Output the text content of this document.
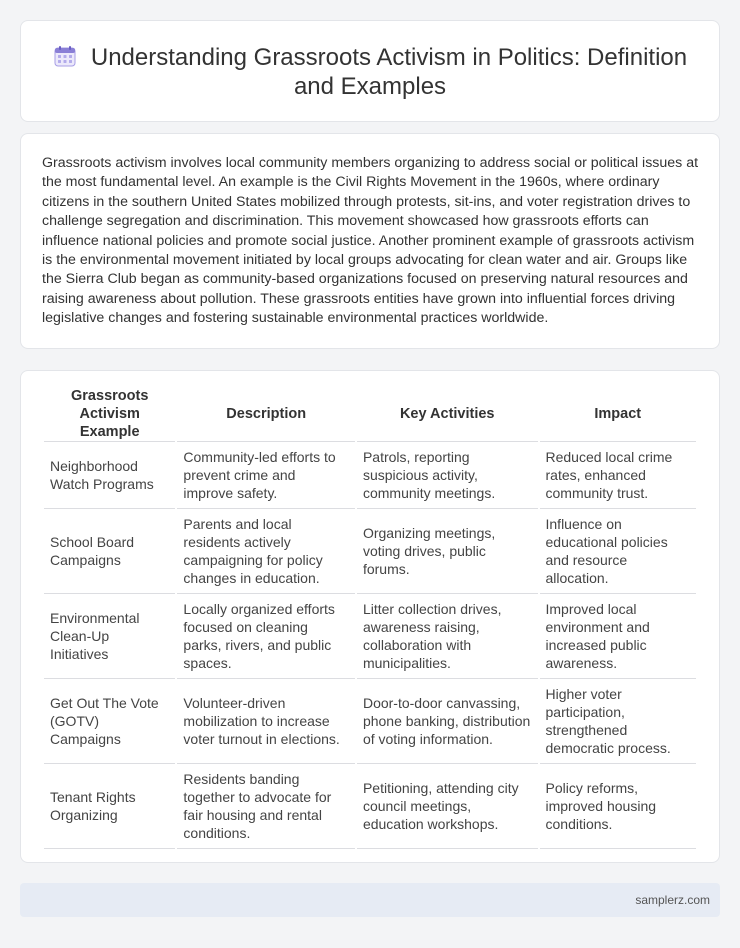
Understanding Grassroots Activism in Politics: Definition and Examples

Grassroots activism involves local community members organizing to address social or political issues at the most fundamental level. An example is the Civil Rights Movement in the 1960s, where ordinary citizens in the southern United States mobilized through protests, sit-ins, and voter registration drives to challenge segregation and discrimination. This movement showcased how grassroots efforts can influence national policies and promote social justice. Another prominent example of grassroots activism is the environmental movement initiated by local groups advocating for clean water and air. Groups like the Sierra Club began as community-based organizations focused on preserving natural resources and raising awareness about pollution. These grassroots entities have grown into influential forces driving legislative changes and fostering sustainable environmental practices worldwide.

Grassroots Activism Example	Description	Key Activities	Impact
Neighborhood Watch Programs	Community-led efforts to prevent crime and improve safety.	Patrols, reporting suspicious activity, community meetings.	Reduced local crime rates, enhanced community trust.
School Board Campaigns	Parents and local residents actively campaigning for policy changes in education.	Organizing meetings, voting drives, public forums.	Influence on educational policies and resource allocation.
Environmental Clean-Up Initiatives	Locally organized efforts focused on cleaning parks, rivers, and public spaces.	Litter collection drives, awareness raising, collaboration with municipalities.	Improved local environment and increased public awareness.
Get Out The Vote (GOTV) Campaigns	Volunteer-driven mobilization to increase voter turnout in elections.	Door-to-door canvassing, phone banking, distribution of voting information.	Higher voter participation, strengthened democratic process.
Tenant Rights Organizing	Residents banding together to advocate for fair housing and rental conditions.	Petitioning, attending city council meetings, education workshops.	Policy reforms, improved housing conditions.
samplerz.com
